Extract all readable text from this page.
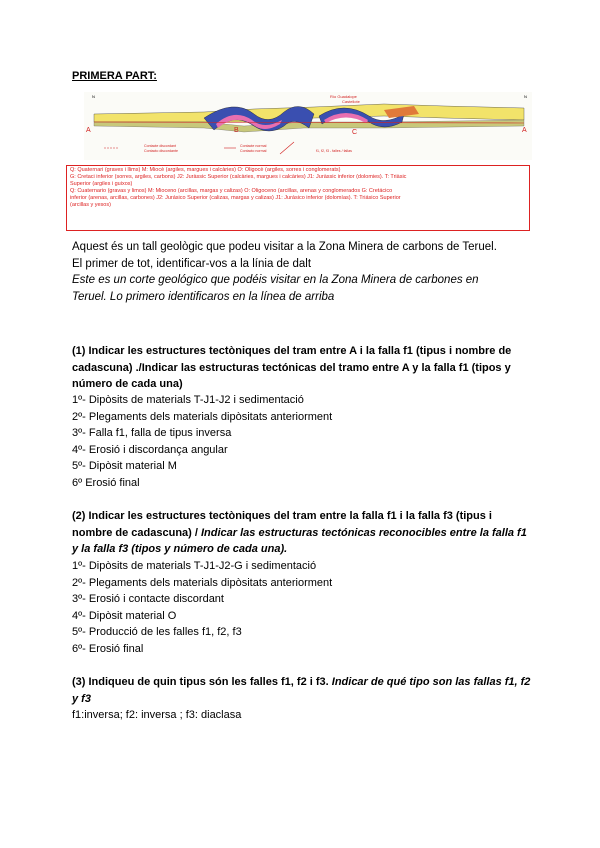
PRIMERA PART:
A	B	C	A
N	N
Río Guadalope
Castellote
Contacte discordant
Contacto discordante
Contacte normal
Contacto normal	f1, f2, f3 - falles / fallas
Q: Quaternari (graves i llims) M: Miocè (argiles, margues i calcàries) O: Oligocè (argiles, sorres i conglomerats)
G: Cretaci inferior (sorres, argiles, carbons) J2: Juràssic Superior (calcàries, margues i calcàries) J1: Juràssic inferior (dolomies). T: Triàsic
Superior (argiles i guixos)
Q: Cuaternario (gravas y limos) M: Mioceno (arcillas, margas y calizas) O: Oligoceno (arcillas, arenas y conglomerados G: Cretácico
inferior (arenas, arcillas, carbones) J2: Jurásico Superior (calizas, margas y calizas) J1: Jurásico inferior (dolomías). T: Triásico Superior
(arcillas y yesos)
Aquest és un tall geològic que podeu visitar a la Zona Minera de carbons de Teruel.
El primer de tot, identificar-vos a la línia de dalt
Este es un corte geológico que podéis visitar en la Zona Minera de carbones en
Teruel. Lo primero identificaros en la línea de arriba
(1) Indicar les estructures tectòniques del tram entre A i la falla f1 (tipus i nombre de cadascuna) ./Indicar las estructuras tectónicas del tramo entre A y la falla f1 (tipos y número de cada una)
1º- Dipòsits de materials T-J1-J2 i sedimentació
2º- Plegaments dels materials dipòsitats anteriorment
3º- Falla f1, falla de tipus inversa
4º- Erosió i discordança angular
5º- Dipòsit material M
6º Erosió final
(2) Indicar les estructures tectòniques del tram entre la falla f1 i la falla f3 (tipus i nombre de cadascuna) / Indicar las estructuras tectónicas reconocibles entre la falla f1 y la falla f3 (tipos y número de cada una).
1º- Dipòsits de materials T-J1-J2-G i sedimentació
2º- Plegaments dels materials dipòsitats anteriorment
3º- Erosió i contacte discordant
4º- Dipòsit material O
5º- Producció de les falles f1, f2, f3
6º- Erosió final
(3) Indiqueu de quin tipus són les falles f1, f2 i f3. Indicar de qué tipo son las fallas f1, f2 y f3
f1:inversa; f2: inversa ; f3: diaclasa
